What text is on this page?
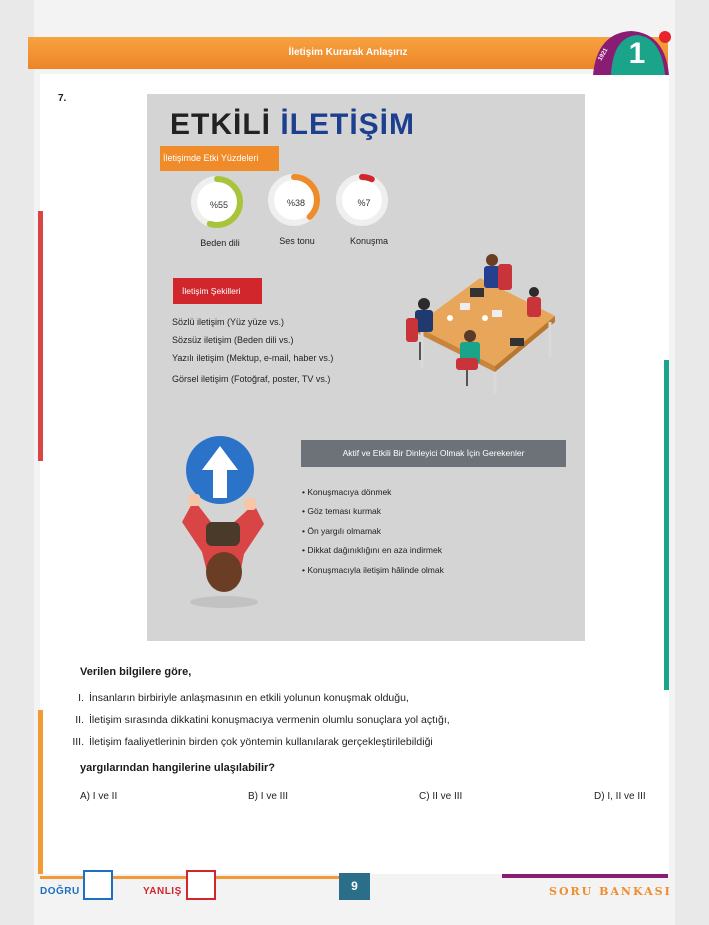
İletişim Kurarak Anlaşırız	1
1921
7.
ETKİLİ İLETİŞİM
İletişimde Etki Yüzdeleri
%55	%38	%7
Beden dili	Ses tonu	Konuşma
İletişim Şekilleri
Sözlü iletişim (Yüz yüze vs.)
Sözsüz iletişim (Beden dili vs.)
Yazılı iletişim (Mektup, e-mail, haber vs.)
Görsel iletişim (Fotoğraf, poster, TV vs.)
Aktif ve Etkili Bir Dinleyici Olmak İçin Gerekenler
• Konuşmacıya dönmek
• Göz teması kurmak
• Ön yargılı olmamak
• Dikkat dağınıklığını en aza indirmek
• Konuşmacıyla iletişim hâlinde olmak
Verilen bilgilere göre,
I. İnsanların birbiriyle anlaşmasının en etkili yolunun konuşmak olduğu,
II. İletişim sırasında dikkatini konuşmacıya vermenin olumlu sonuçlara yol açtığı,
III. İletişim faaliyetlerinin birden çok yöntemin kullanılarak gerçekleştirilebildiği
yargılarından hangilerine ulaşılabilir?
A) I ve II	B) I ve III	C) II ve III	D) I, II ve III
DOĞRU	YANLIŞ	9	SORU BANKASI
